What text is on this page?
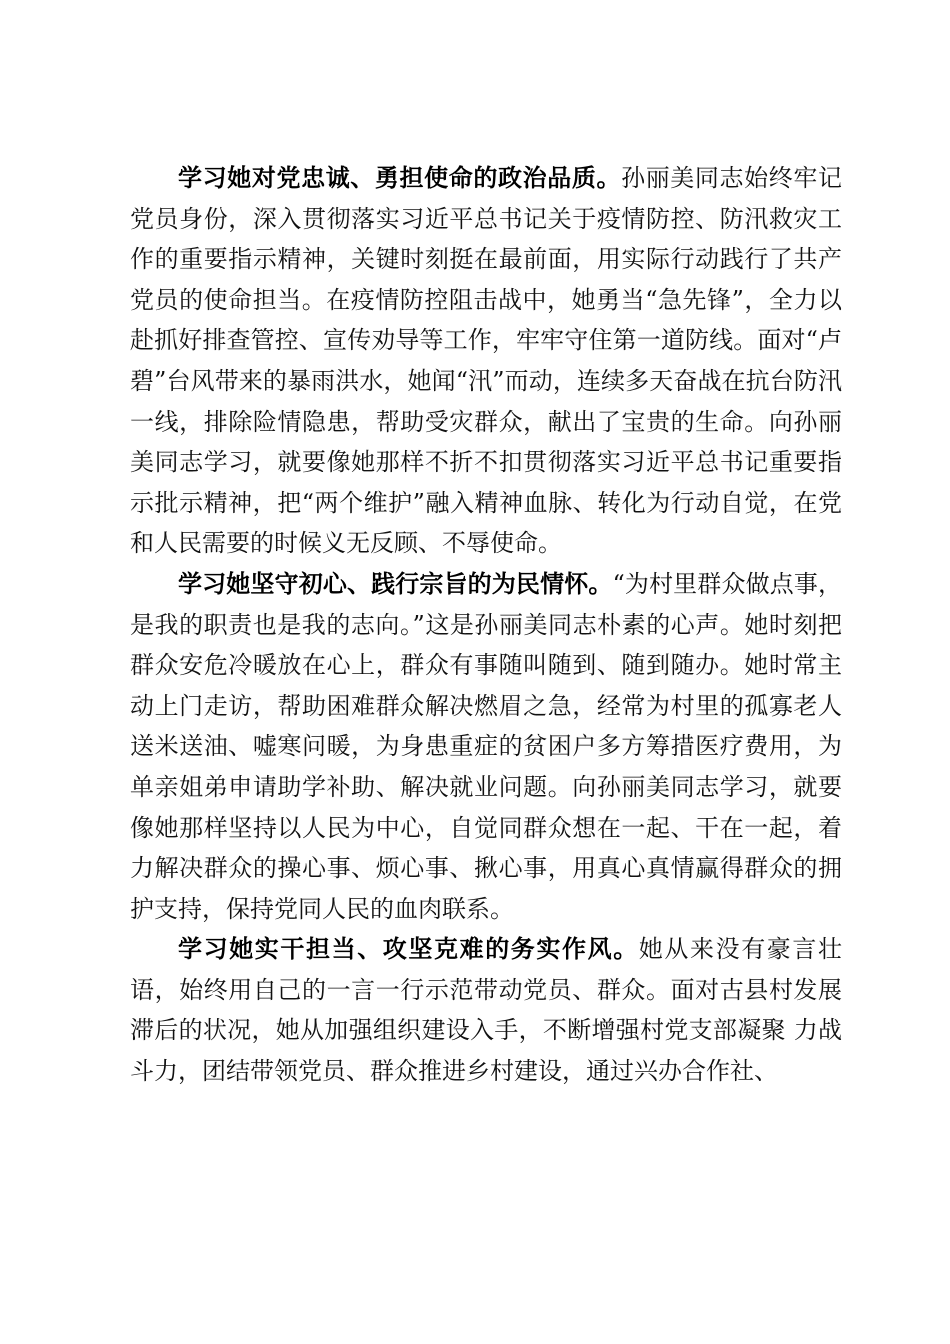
学习她对党忠诚、勇担使命的政治品质。孙丽美同志始终牢记党员身份，深入贯彻落实习近平总书记关于疫情防控、防汛救灾工作的重要指示精神，关键时刻挺在最前面，用实际行动践行了共产党员的使命担当。在疫情防控阻击战中，她勇当“急先锋”，全力以赴抓好排查管控、宣传劝导等工作，牢牢守住第一道防线。面对“卢碧”台风带来的暴雨洪水，她闻“汛”而动，连续多天奋战在抗台防汛一线，排除险情隐患，帮助受灾群众，献出了宝贵的生命。向孙丽美同志学习，就要像她那样不折不扣贯彻落实习近平总书记重要指示批示精神，把“两个维护”融入精神血脉、转化为行动自觉，在党和人民需要的时候义无反顾、不辱使命。

学习她坚守初心、践行宗旨的为民情怀。“为村里群众做点事，是我的职责也是我的志向。”这是孙丽美同志朴素的心声。她时刻把群众安危冷暖放在心上，群众有事随叫随到、随到随办。她时常主动上门走访，帮助困难群众解决燃眉之急，经常为村里的孤寡老人送米送油、嘘寒问暖，为身患重症的贫困户多方筹措医疗费用，为单亲姐弟申请助学补助、解决就业问题。向孙丽美同志学习，就要像她那样坚持以人民为中心，自觉同群众想在一起、干在一起，着力解决群众的操心事、烦心事、揪心事，用真心真情赢得群众的拥护支持，保持党同人民的血肉联系。

学习她实干担当、攻坚克难的务实作风。她从来没有豪言壮语，始终用自己的一言一行示范带动党员、群众。面对古县村发展滞后的状况，她从加强组织建设入手，不断增强村党支部凝聚 力战斗力，团结带领党员、群众推进乡村建设，通过兴办合作社、
